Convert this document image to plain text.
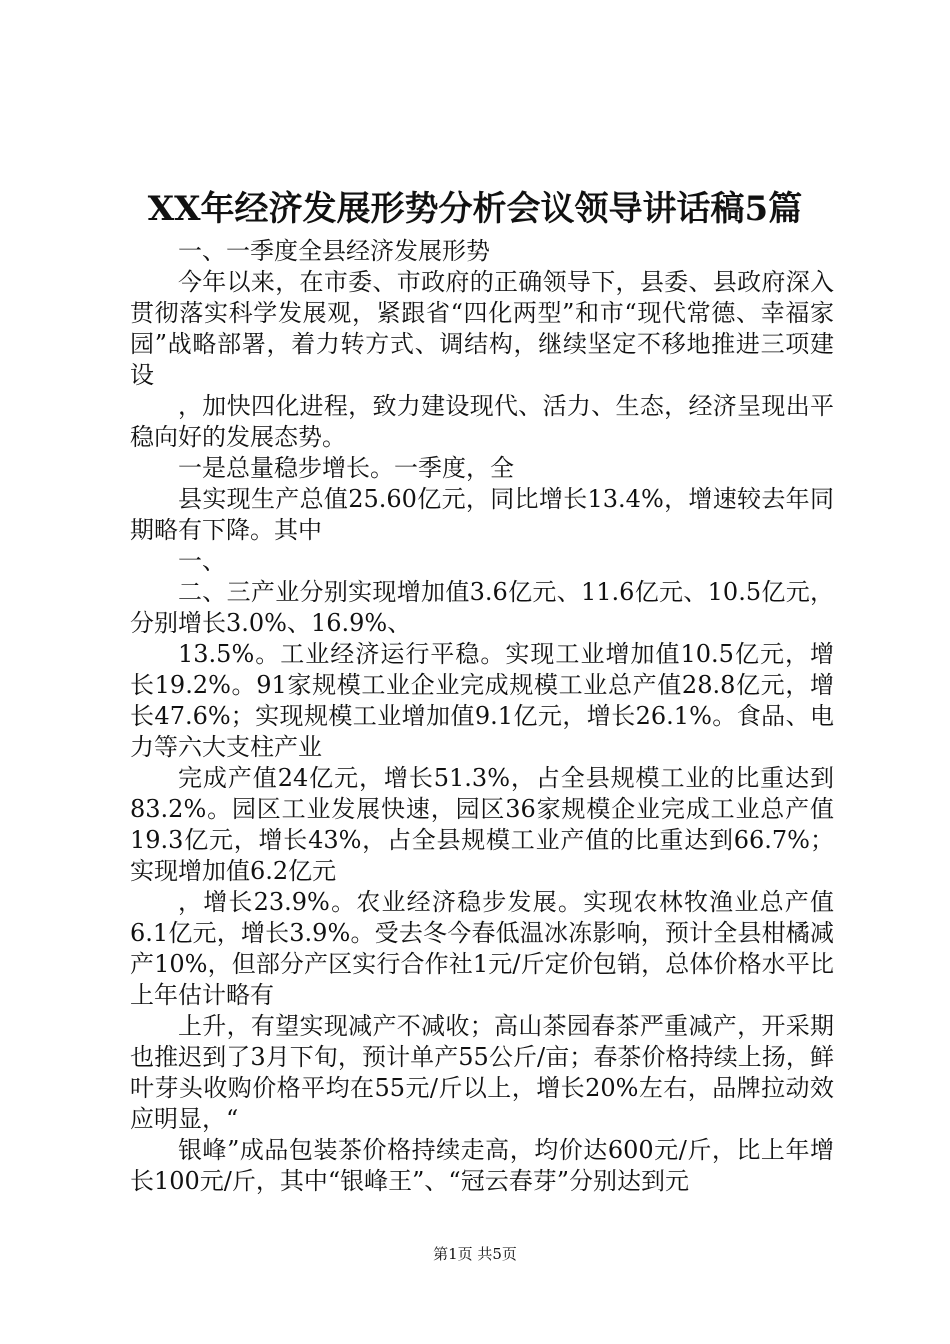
XX年经济发展形势分析会议领导讲话稿5篇

一、一季度全县经济发展形势

今年以来，在市委、市政府的正确领导下，县委、县政府深入贯彻落实科学发展观，紧跟省“四化两型”和市“现代常德、幸福家园”战略部署，着力转方式、调结构，继续坚定不移地推进三项建设

，加快四化进程，致力建设现代、活力、生态，经济呈现出平稳向好的发展态势。

一是总量稳步增长。一季度，全

县实现生产总值25.60亿元，同比增长13.4%，增速较去年同期略有下降。其中

一、

二、三产业分别实现增加值3.6亿元、11.6亿元、10.5亿元，分别增长3.0%、16.9%、

13.5%。工业经济运行平稳。实现工业增加值10.5亿元，增长19.2%。91家规模工业企业完成规模工业总产值28.8亿元，增长47.6%；实现规模工业增加值9.1亿元，增长26.1%。食品、电力等六大支柱产业

完成产值24亿元，增长51.3%，占全县规模工业的比重达到83.2%。园区工业发展快速，园区36家规模企业完成工业总产值19.3亿元，增长43%，占全县规模工业产值的比重达到66.7%；实现增加值6.2亿元

，增长23.9%。农业经济稳步发展。实现农林牧渔业总产值6.1亿元，增长3.9%。受去冬今春低温冰冻影响，预计全县柑橘减产10%，但部分产区实行合作社1元/斤定价包销，总体价格水平比上年估计略有

上升，有望实现减产不减收；高山茶园春茶严重减产，开采期也推迟到了3月下旬，预计单产55公斤/亩；春茶价格持续上扬，鲜叶芽头收购价格平均在55元/斤以上，增长20%左右，品牌拉动效应明显，“

银峰”成品包装茶价格持续走高，均价达600元/斤，比上年增长100元/斤，其中“银峰王”、“冠云春芽”分别达到元

第1页 共5页
